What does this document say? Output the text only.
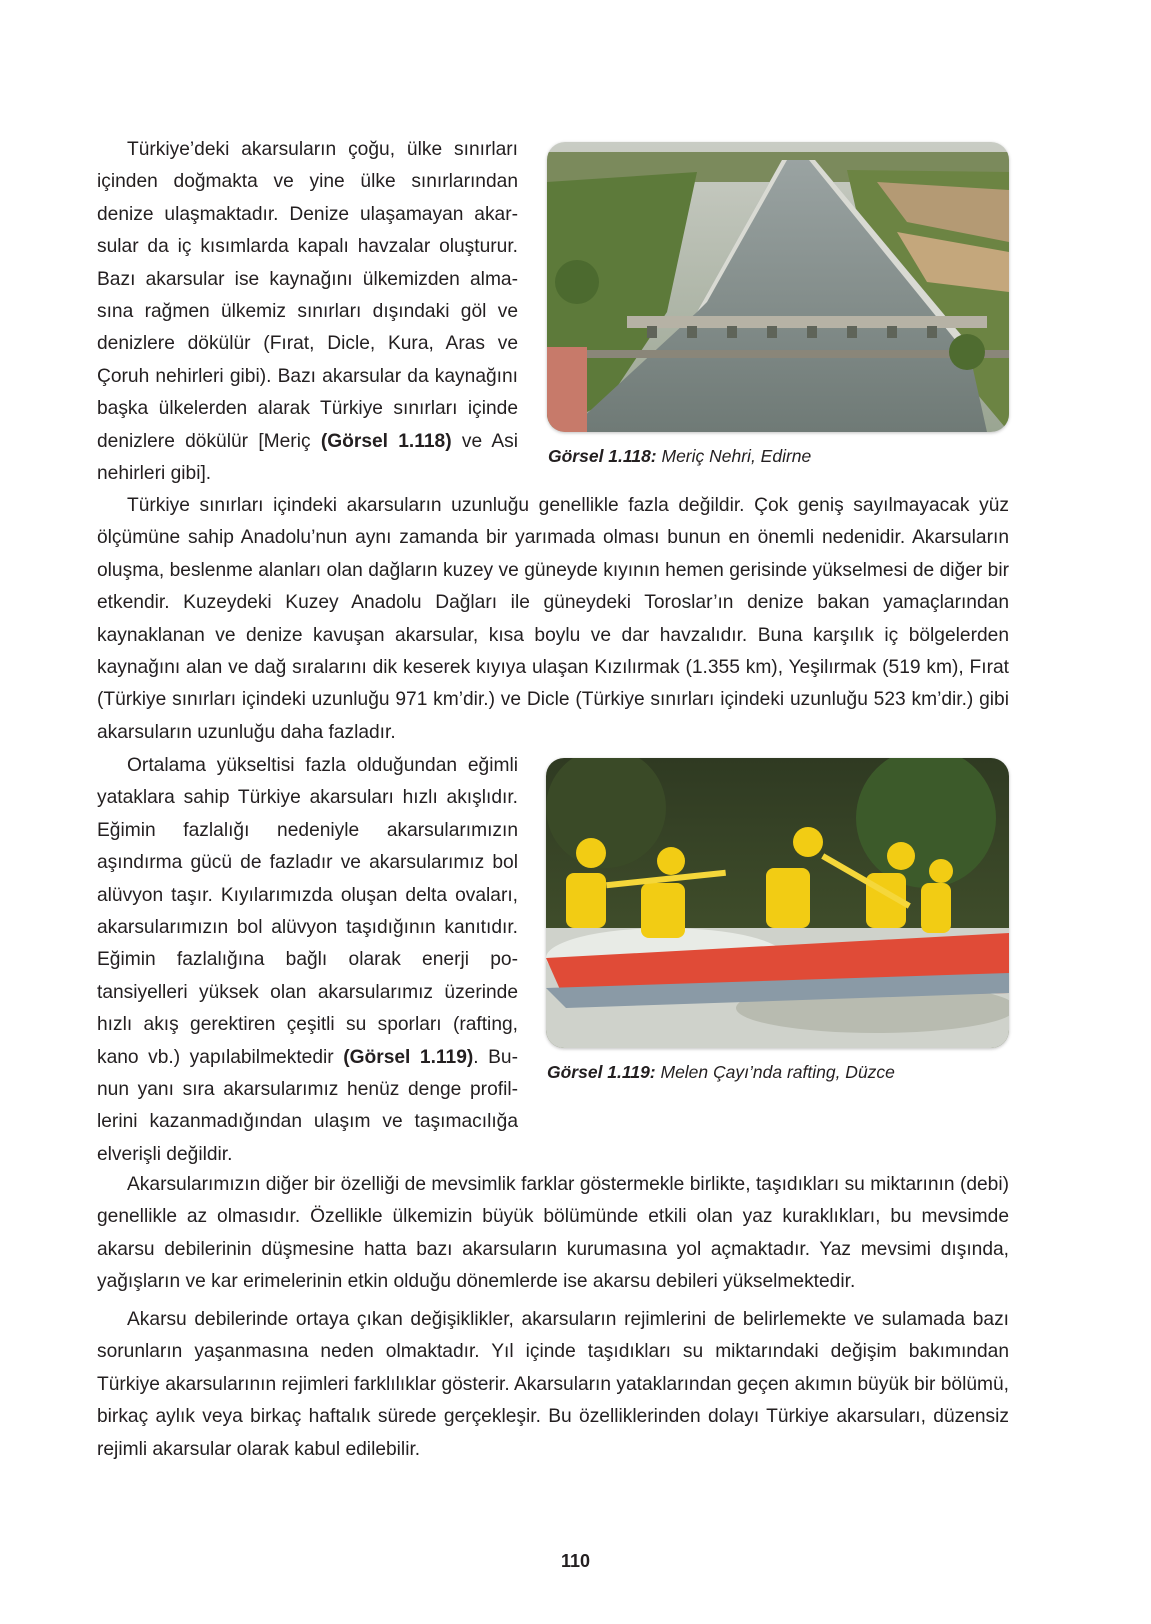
Türkiye’deki akarsuların çoğu, ülke sınırları içinden doğmakta ve yine ülke sınırlarından denize ulaşmaktadır. Denize ulaşamayan akarsular da iç kısımlarda kapalı havzalar oluşturur. Bazı akarsular ise kaynağını ülkemizden almasına rağmen ülkemiz sınırları dışındaki göl ve denizlere dökülür (Fırat, Dicle, Kura, Aras ve Çoruh nehirleri gibi). Bazı akarsular da kaynağını başka ülkelerden alarak Türkiye sınırları içinde denizlere dökülür [Meriç (Görsel 1.118) ve Asi nehirleri gibi].

Görsel 1.118: Meriç Nehri, Edirne

Türkiye sınırları içindeki akarsuların uzunluğu genellikle fazla değildir. Çok geniş sayılmayacak yüz ölçümüne sahip Anadolu’nun aynı zamanda bir yarımada olması bunun en önemli nedenidir. Akarsuların oluşma, beslenme alanları olan dağların kuzey ve güneyde kıyının hemen gerisinde yükselmesi de diğer bir etkendir. Kuzeydeki Kuzey Anadolu Dağları ile güneydeki Toroslar’ın denize bakan yamaçlarından kaynaklanan ve denize kavuşan akarsular, kısa boylu ve dar havzalıdır. Buna karşılık iç bölgelerden kaynağını alan ve dağ sıralarını dik keserek kıyıya ulaşan Kızılırmak (1.355 km), Yeşilırmak (519 km), Fırat (Türkiye sınırları içindeki uzunluğu 971 km’dir.) ve Dicle (Türkiye sınırları içindeki uzunluğu 523 km’dir.) gibi akarsuların uzunluğu daha fazladır.

Ortalama yükseltisi fazla olduğundan eğimli yataklara sahip Türkiye akarsuları hızlı akışlıdır. Eğimin fazlalığı nedeniyle akarsularımızın aşındırma gücü de fazladır ve akarsularımız bol alüvyon taşır. Kıyılarımızda oluşan delta ovaları, akarsularımızın bol alüvyon taşıdığının kanıtıdır. Eğimin fazlalığına bağlı olarak enerji potansiyelleri yüksek olan akarsularımız üzerinde hızlı akış gerektiren çeşitli su sporları (rafting, kano vb.) yapılabilmektedir (Görsel 1.119). Bunun yanı sıra akarsularımız henüz denge profillerini kazanmadığından ulaşım ve taşımacılığa elverişli değildir.

Görsel 1.119: Melen Çayı’nda rafting, Düzce

Akarsularımızın diğer bir özelliği de mevsimlik farklar göstermekle birlikte, taşıdıkları su miktarının (debi) genellikle az olmasıdır. Özellikle ülkemizin büyük bölümünde etkili olan yaz kuraklıkları, bu mevsimde akarsu debilerinin düşmesine hatta bazı akarsuların kurumasına yol açmaktadır. Yaz mevsimi dışında, yağışların ve kar erimelerinin etkin olduğu dönemlerde ise akarsu debileri yükselmektedir.

Akarsu debilerinde ortaya çıkan değişiklikler, akarsuların rejimlerini de belirlemekte ve sulamada bazı sorunların yaşanmasına neden olmaktadır. Yıl içinde taşıdıkları su miktarındaki değişim bakımından Türkiye akarsularının rejimleri farklılıklar gösterir. Akarsuların yataklarından geçen akımın büyük bir bölümü, birkaç aylık veya birkaç haftalık sürede gerçekleşir. Bu özelliklerinden dolayı Türkiye akarsuları, düzensiz rejimli akarsular olarak kabul edilebilir.

110
